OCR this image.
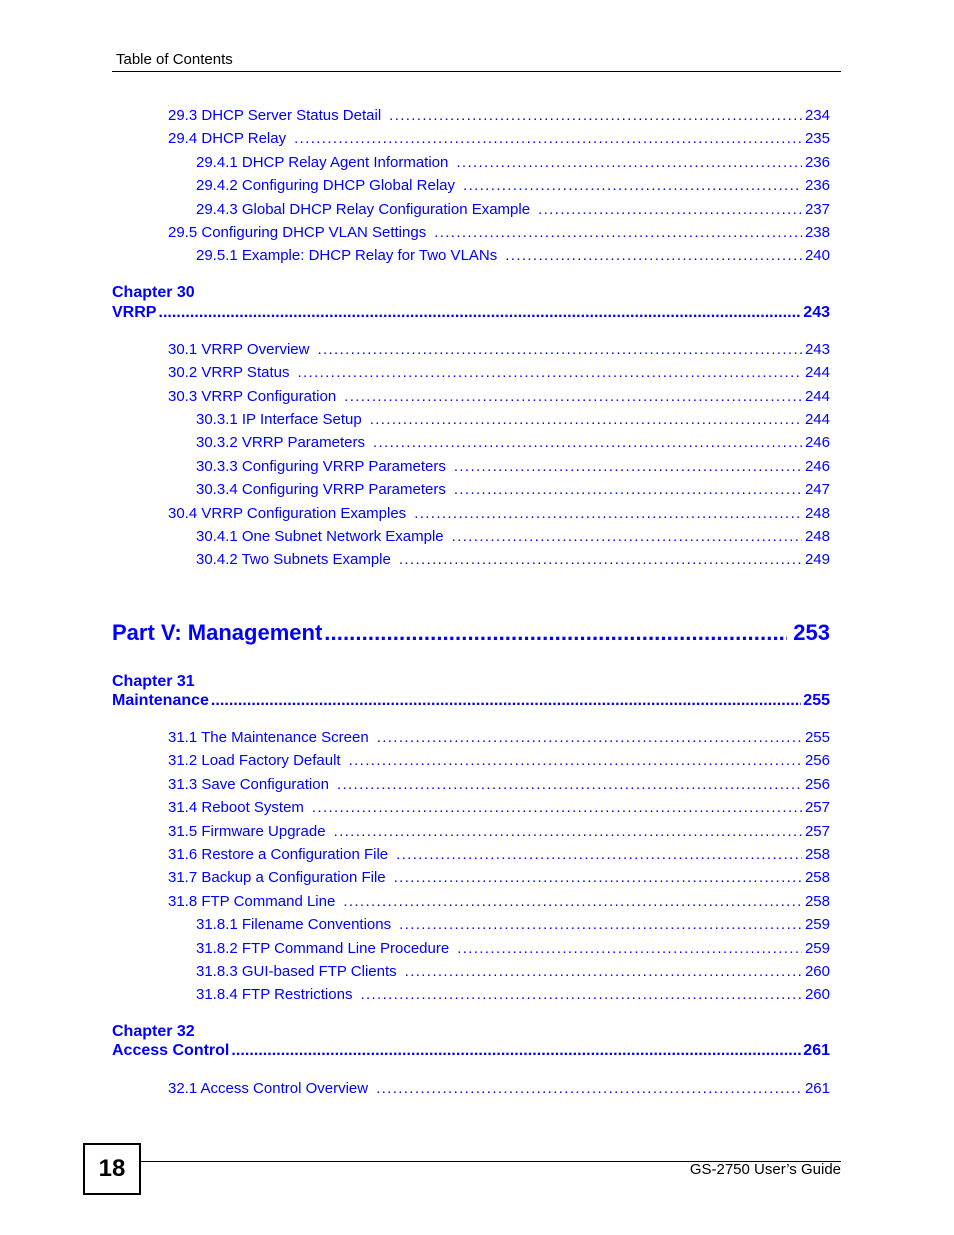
Table of Contents
29.3 DHCP Server Status Detail . . .	234
29.4 DHCP Relay . . .	235
29.4.1 DHCP Relay Agent Information . . .	236
29.4.2 Configuring DHCP Global Relay . . .	236
29.4.3 Global DHCP Relay Configuration Example . . .	237
29.5 Configuring DHCP VLAN Settings . . .	238
29.5.1 Example: DHCP Relay for Two VLANs . . .	240
Chapter 30
VRRP . . .	243
30.1 VRRP Overview . . .	243
30.2 VRRP Status . . .	244
30.3 VRRP Configuration . . .	244
30.3.1 IP Interface Setup . . .	244
30.3.2 VRRP Parameters . . .	246
30.3.3 Configuring VRRP Parameters . . .	246
30.3.4 Configuring VRRP Parameters . . .	247
30.4 VRRP Configuration Examples . . .	248
30.4.1 One Subnet Network Example . . .	248
30.4.2 Two Subnets Example . . .	249
Part V: Management . . .	253
Chapter 31
Maintenance . . .	255
31.1 The Maintenance Screen . . .	255
31.2 Load Factory Default . . .	256
31.3 Save Configuration . . .	256
31.4 Reboot System . . .	257
31.5 Firmware Upgrade . . .	257
31.6 Restore a Configuration File . . .	258
31.7 Backup a Configuration File . . .	258
31.8 FTP Command Line . . .	258
31.8.1 Filename Conventions . . .	259
31.8.2 FTP Command Line Procedure . . .	259
31.8.3 GUI-based FTP Clients . . .	260
31.8.4 FTP Restrictions . . .	260
Chapter 32
Access Control . . .	261
32.1 Access Control Overview . . .	261
18	GS-2750 User’s Guide
